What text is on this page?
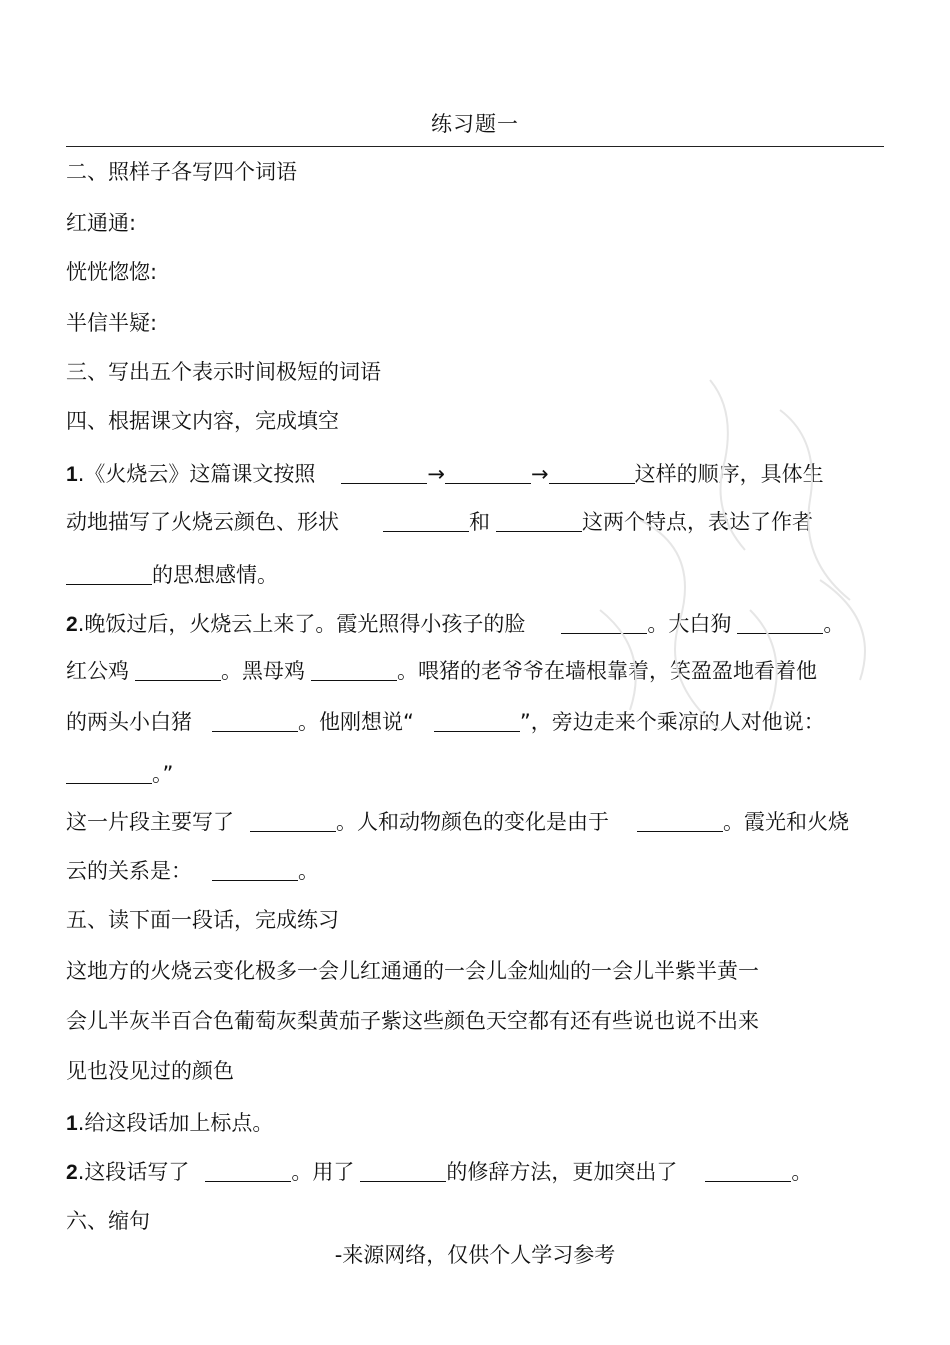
练习题一
二、照样子各写四个词语
红通通:
恍恍惚惚:
半信半疑:
三、写出五个表示时间极短的词语
四、根据课文内容，完成填空
1.《火烧云》这篇课文按照	→	→	这样的顺序，具体生
动地描写了火烧云颜色、形状	和	这两个特点，表达了作者
的思想感情。
2.晚饭过后，火烧云上来了。霞光照得小孩子的脸	。大白狗	。
红公鸡	。黑母鸡	。喂猪的老爷爷在墙根靠着，笑盈盈地看着他
的两头小白猪	。他刚想说“	”，旁边走来个乘凉的人对他说：
。”
这一片段主要写了	。人和动物颜色的变化是由于	。霞光和火烧
云的关系是：	。
五、读下面一段话，完成练习
这地方的火烧云变化极多一会儿红通通的一会儿金灿灿的一会儿半紫半黄一
会儿半灰半百合色葡萄灰梨黄茄子紫这些颜色天空都有还有些说也说不出来
见也没见过的颜色
1.给这段话加上标点。
2.这段话写了	。用了	的修辞方法，更加突出了	。
六、缩句
-来源网络，仅供个人学习参考
